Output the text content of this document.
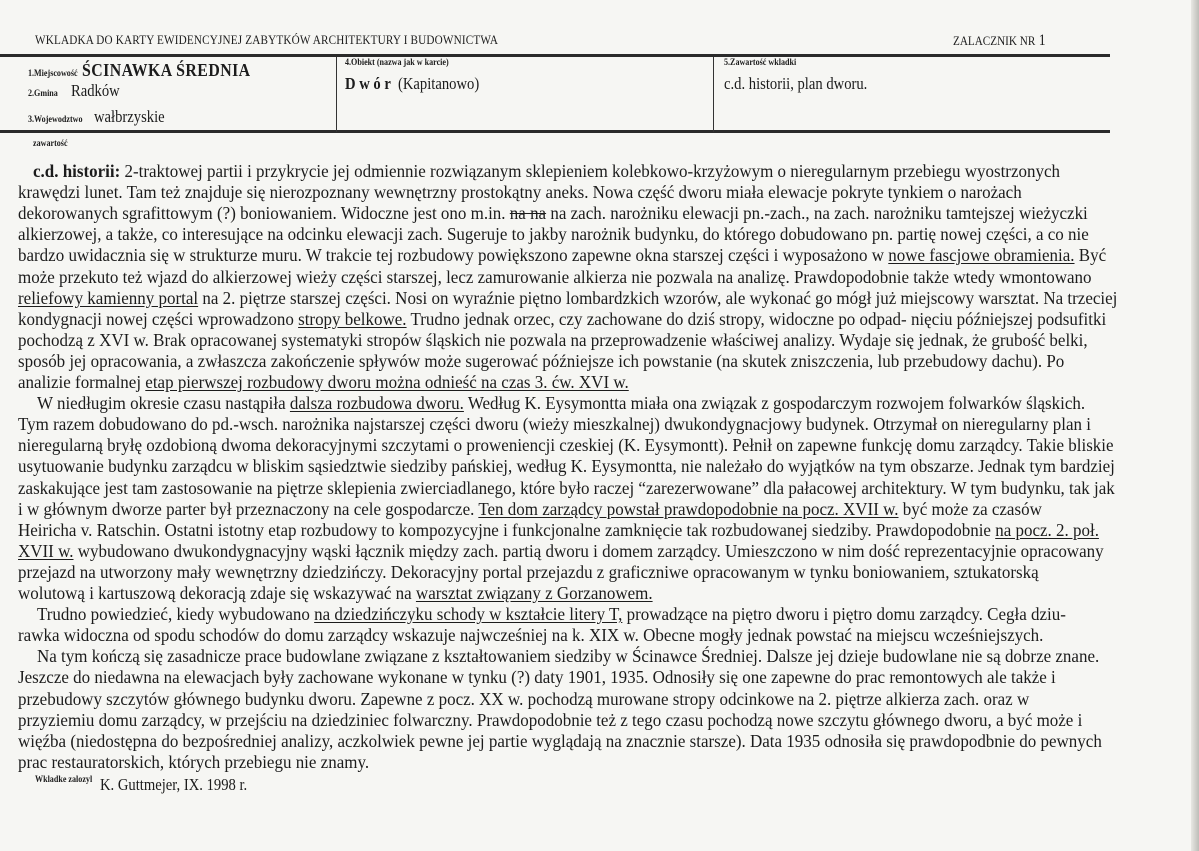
WKLADKA DO KARTY EWIDENCYJNEJ ZABYTKÓW ARCHITEKTURY I BUDOWNICTWA	ZALACZNIK NR 1
1.Miejscowość ŚCINAWKA ŚREDNIA
2.Gmina Radków
3.Wojewodztwo wałbrzyskie
4.Obiekt (nazwa jak w karcie)
D w ó r (Kapitanowo)
5.Zawartość wkladki
c.d. historii, plan dworu.
zawartość
c.d. historii: 2-traktowej partii i przykrycie jej odmiennie rozwiązanym sklepieniem kolebkowo-krzyżowym o nieregularnym przebiegu wyostrzonych
krawędzi lunet. Tam też znajduje się nierozpoznany wewnętrzny prostokątny aneks. Nowa część dworu miała elewacje pokryte tynkiem o narożach
dekorowanych sgrafittowym (?) boniowaniem. Widoczne jest ono m.in. na na na zach. narożniku elewacji pn.-zach., na zach. narożniku tamtejszej wieżyczki
alkierzowej, a także, co interesujące na odcinku elewacji zach. Sugeruje to jakby narożnik budynku, do którego dobudowano pn. partię nowej części, a co nie
bardzo uwidacznia się w strukturze muru. W trakcie tej rozbudowy powiększono zapewne okna starszej części i wyposażono w nowe fascjowe obramienia. Być
może przekuto też wjazd do alkierzowej wieży części starszej, lecz zamurowanie alkierza nie pozwala na analizę. Prawdopodobnie także wtedy wmontowano
reliefowy kamienny portal na 2. piętrze starszej części. Nosi on wyraźnie piętno lombardzkich wzorów, ale wykonać go mógł już miejscowy warsztat. Na trzeciej
kondygnacji nowej części wprowadzono stropy belkowe. Trudno jednak orzec, czy zachowane do dziś stropy, widoczne po odpad- nięciu późniejszej podsufitki
pochodzą z XVI w. Brak opracowanej systematyki stropów śląskich nie pozwala na przeprowadzenie właściwej analizy. Wydaje się jednak, że grubość belki,
sposób jej opracowania, a zwłaszcza zakończenie spływów może sugerować późniejsze ich powstanie (na skutek zniszczenia, lub przebudowy dachu). Po
analizie formalnej etap pierwszej rozbudowy dworu można odnieść na czas 3. ćw. XVI w.
W niedługim okresie czasu nastąpiła dalsza rozbudowa dworu. Według K. Eysymontta miała ona związak z gospodarczym rozwojem folwarków śląskich.
Tym razem dobudowano do pd.-wsch. narożnika najstarszej części dworu (wieży mieszkalnej) dwukondygnacjowy budynek. Otrzymał on nieregularny plan i
nieregularną bryłę ozdobioną dwoma dekoracyjnymi szczytami o proweniencji czeskiej (K. Eysymontt). Pełnił on zapewne funkcję domu zarządcy. Takie bliskie
usytuowanie budynku zarządcu w bliskim sąsiedztwie siedziby pańskiej, według K. Eysymontta, nie należało do wyjątków na tym obszarze. Jednak tym bardziej
zaskakujące jest tam zastosowanie na piętrze sklepienia zwierciadlanego, które było raczej “zarezerwowane” dla pałacowej architektury. W tym budynku, tak jak
i w głównym dworze parter był przeznaczony na cele gospodarcze. Ten dom zarządcy powstał prawdopodobnie na pocz. XVII w. być może za czasów
Heiricha v. Ratschin. Ostatni istotny etap rozbudowy to kompozycyjne i funkcjonalne zamknięcie tak rozbudowanej siedziby. Prawdopodobnie na pocz. 2. poł.
XVII w. wybudowano dwukondygnacyjny wąski łącznik między zach. partią dworu i domem zarządcy. Umieszczono w nim dość reprezentacyjnie opracowany
przejazd na utworzony mały wewnętrzny dziedzińczy. Dekoracyjny portal przejazdu z graficzniwe opracowanym w tynku boniowaniem, sztukatorską
wolutową i kartuszową dekoracją zdaje się wskazywać na warsztat związany z Gorzanowem.
Trudno powiedzieć, kiedy wybudowano na dziedzińczyku schody w kształcie litery T, prowadzące na piętro dworu i piętro domu zarządcy. Cegła dziu-
rawka widoczna od spodu schodów do domu zarządcy wskazuje najwcześniej na k. XIX w. Obecne mogły jednak powstać na miejscu wcześniejszych.
Na tym kończą się zasadnicze prace budowlane związane z kształtowaniem siedziby w Ścinawce Średniej. Dalsze jej dzieje budowlane nie są dobrze znane.
Jeszcze do niedawna na elewacjach były zachowane wykonane w tynku (?) daty 1901, 1935. Odnosiły się one zapewne do prac remontowych ale także i
przebudowy szczytów głównego budynku dworu. Zapewne z pocz. XX w. pochodzą murowane stropy odcinkowe na 2. piętrze alkierza zach. oraz w
przyziemiu domu zarządcy, w przejściu na dziedziniec folwarczny. Prawdopodobnie też z tego czasu pochodzą nowe szczytu głównego dworu, a być może i
więźba (niedostępna do bezpośredniej analizy, aczkolwiek pewne jej partie wyglądają na znacznie starsze). Data 1935 odnosiła się prawdopodbnie do pewnych
prac restauratorskich, których przebiegu nie znamy.
Wkladke zalozyl K. Guttmejer, IX. 1998 r.
